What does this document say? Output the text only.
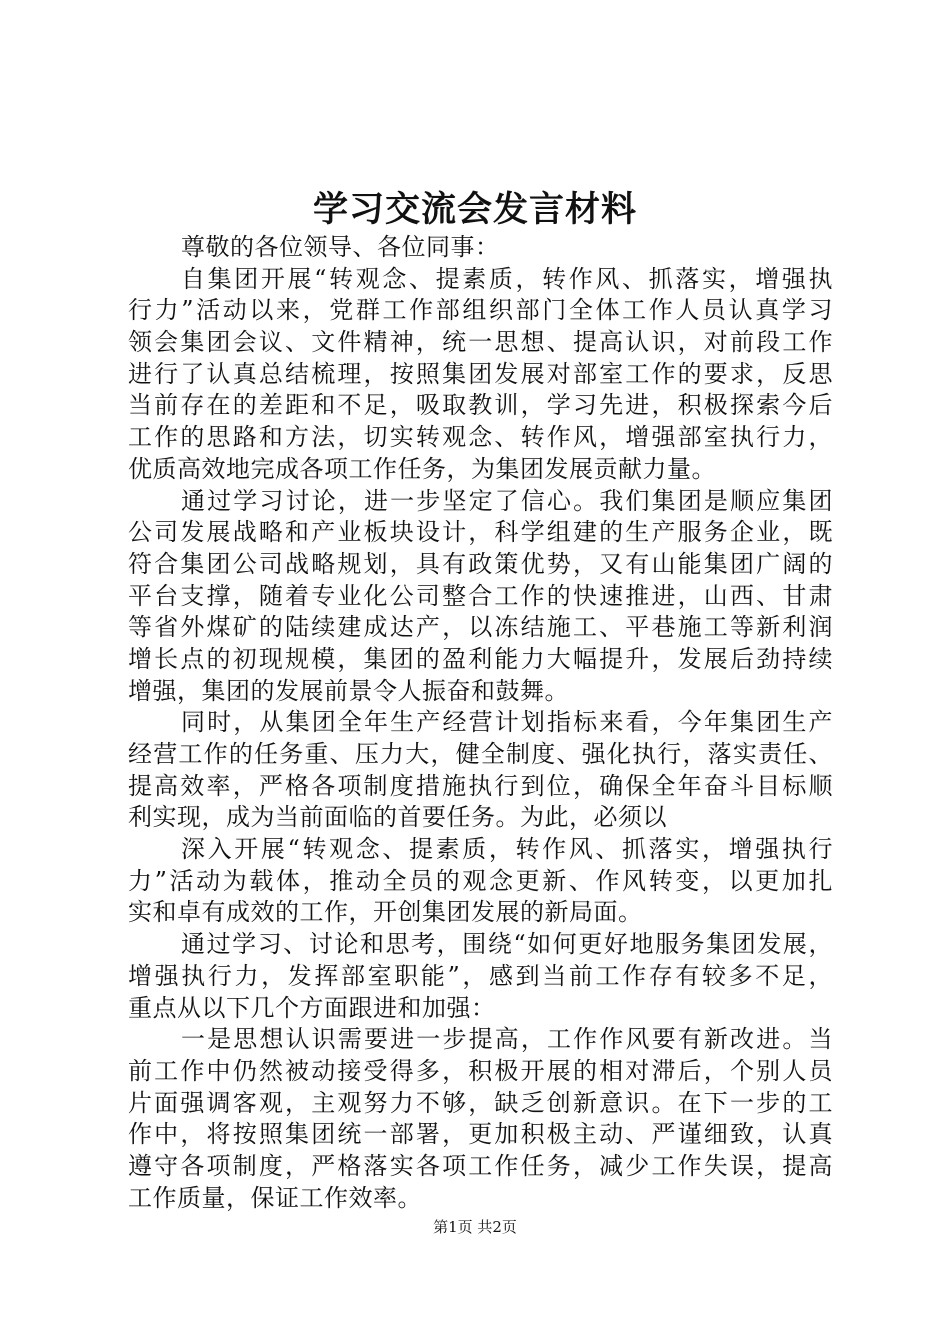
学习交流会发言材料
尊敬的各位领导、各位同事：
自集团开展“转观念、提素质，转作风、抓落实，增强执
行力”活动以来，党群工作部组织部门全体工作人员认真学习
领会集团会议、文件精神，统一思想、提高认识，对前段工作
进行了认真总结梳理，按照集团发展对部室工作的要求，反思
当前存在的差距和不足，吸取教训，学习先进，积极探索今后
工作的思路和方法，切实转观念、转作风，增强部室执行力，
优质高效地完成各项工作任务，为集团发展贡献力量。
通过学习讨论，进一步坚定了信心。我们集团是顺应集团
公司发展战略和产业板块设计，科学组建的生产服务企业，既
符合集团公司战略规划，具有政策优势，又有山能集团广阔的
平台支撑，随着专业化公司整合工作的快速推进，山西、甘肃
等省外煤矿的陆续建成达产，以冻结施工、平巷施工等新利润
增长点的初现规模，集团的盈利能力大幅提升，发展后劲持续
增强，集团的发展前景令人振奋和鼓舞。
同时，从集团全年生产经营计划指标来看，今年集团生产
经营工作的任务重、压力大，健全制度、强化执行，落实责任、
提高效率，严格各项制度措施执行到位，确保全年奋斗目标顺
利实现，成为当前面临的首要任务。为此，必须以
深入开展“转观念、提素质，转作风、抓落实，增强执行
力”活动为载体，推动全员的观念更新、作风转变，以更加扎
实和卓有成效的工作，开创集团发展的新局面。
通过学习、讨论和思考，围绕“如何更好地服务集团发展，
增强执行力，发挥部室职能”，感到当前工作存有较多不足，
重点从以下几个方面跟进和加强：
一是思想认识需要进一步提高，工作作风要有新改进。当
前工作中仍然被动接受得多，积极开展的相对滞后，个别人员
片面强调客观，主观努力不够，缺乏创新意识。在下一步的工
作中，将按照集团统一部署，更加积极主动、严谨细致，认真
遵守各项制度，严格落实各项工作任务，减少工作失误，提高
工作质量，保证工作效率。
第1页 共2页
